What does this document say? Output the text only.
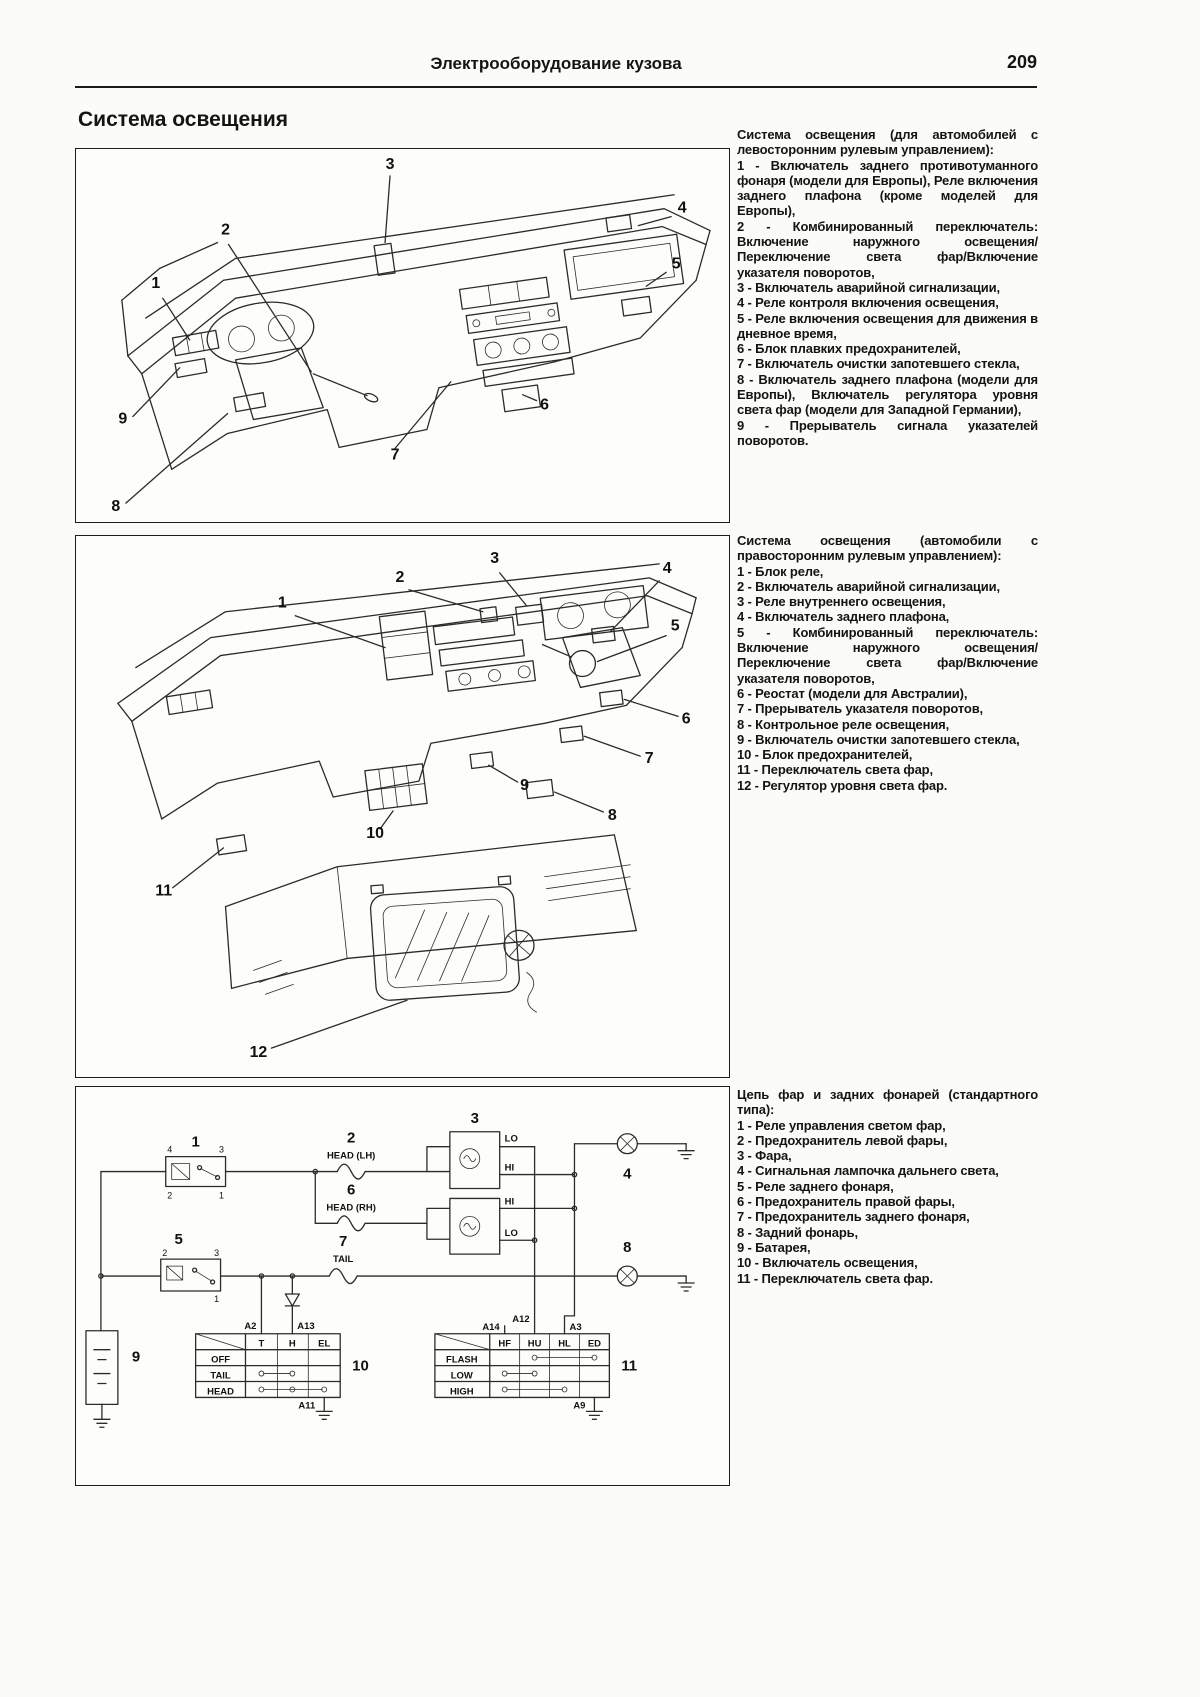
Электрооборудование кузова	209
Система освещения
1
2
3
4
5
6
8
9
7
1
2
3
4
5
6
7
8
9
10
11
12
4	3
2	1
2	3
1
HEAD (LH)
HEAD (RH)
TAIL
LO
HI
HI
LO
A2	A13	A14
A12
A3
A11	A9
T	H EL
OFF
TAIL
HEAD
HF HU HL ED
FLASH
LOW
HIGH
1	2
3
4
5
6
7	8
9
10	11
Система освещения (для автомобилей с левосторонним рулевым управлением):
1 - Включатель заднего противотуманного фонаря (модели для Европы), Реле включения заднего плафона (кроме моделей для Европы),
2 - Комбинированный переключатель: Включение наружного освещения/Переключение света фар/Включение указателя поворотов,
3 - Включатель аварийной сигнализации,
4 - Реле контроля включения освещения,
5 - Реле включения освещения для движения в дневное время,
6 - Блок плавких предохранителей,
7 - Включатель очистки запотевшего стекла,
8 - Включатель заднего плафона (модели для Европы), Включатель регулятора уровня света фар (модели для Западной Германии),
9 - Прерыватель сигнала указателей поворотов.
Система освещения (автомобили с правосторонним рулевым управлением):
1 - Блок реле,
2 - Включатель аварийной сигнализации,
3 - Реле внутреннего освещения,
4 - Включатель заднего плафона,
5 - Комбинированный переключатель: Включение наружного освещения/Переключение света фар/Включение указателя поворотов,
6 - Реостат (модели для Австралии),
7 - Прерыватель указателя поворотов,
8 - Контрольное реле освещения,
9 - Включатель очистки запотевшего стекла,
10 - Блок предохранителей,
11 - Переключатель света фар,
12 - Регулятор уровня света фар.
Цепь фар и задних фонарей (стандартного типа):
1 - Реле управления светом фар,
2 - Предохранитель левой фары,
3 - Фара,
4 - Сигнальная лампочка дальнего света,
5 - Реле заднего фонаря,
6 - Предохранитель правой фары,
7 - Предохранитель заднего фонаря,
8 - Задний фонарь,
9 - Батарея,
10 - Включатель освещения,
11 - Переключатель света фар.
